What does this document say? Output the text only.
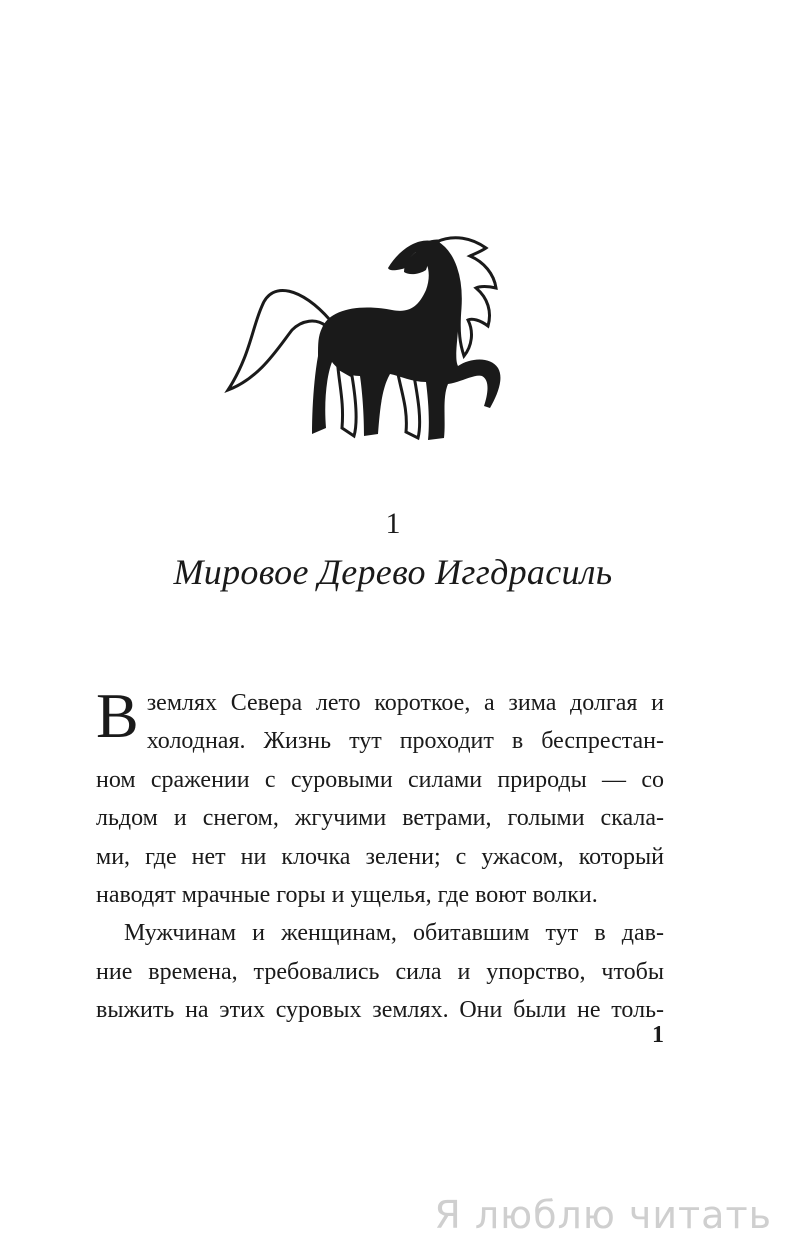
1
Мировое Дерево Иггдрасиль

В землях Севера лето короткое, а зима долгая и
холодная. Жизнь тут проходит в беспрестан-
ном сражении с суровыми силами природы — со
льдом и снегом, жгучими ветрами, голыми скала-
ми, где нет ни клочка зелени; с ужасом, который
наводят мрачные горы и ущелья, где воют волки.

Мужчинам и женщинам, обитавшим тут в дав-
ние времена, требовались сила и упорство, чтобы
выжить на этих суровых землях. Они были не толь-

1
Я люблю читать
